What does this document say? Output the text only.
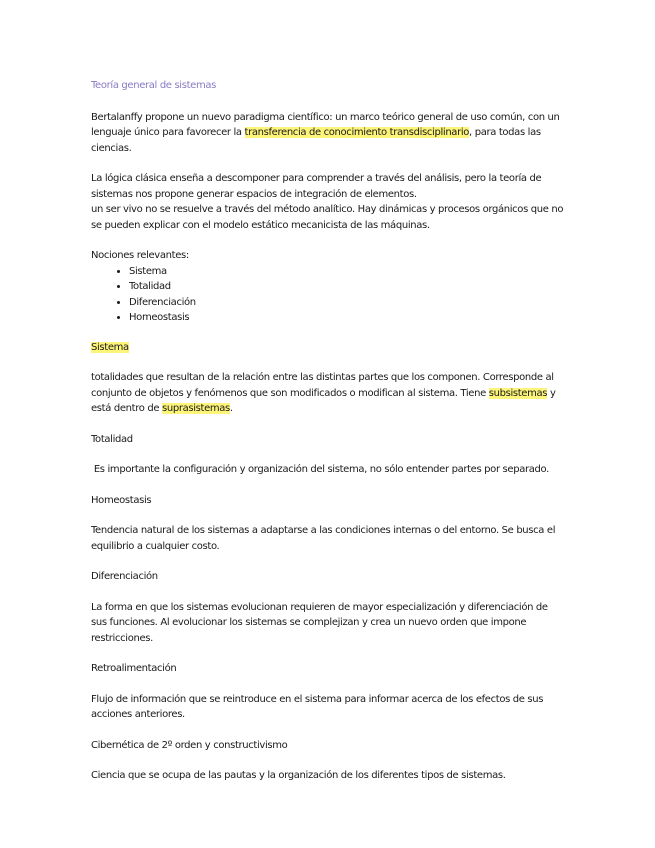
Teoría general de sistemas

Bertalanffy propone un nuevo paradigma científico: un marco teórico general de uso común, con un lenguaje único para favorecer la transferencia de conocimiento transdisciplinario, para todas las ciencias.

La lógica clásica enseña a descomponer para comprender a través del análisis, pero la teoría de sistemas nos propone generar espacios de integración de elementos.
un ser vivo no se resuelve a través del método analítico. Hay dinámicas y procesos orgánicos que no se pueden explicar con el modelo estático mecanicista de las máquinas.

Nociones relevantes:
• Sistema
• Totalidad
• Diferenciación
• Homeostasis
Sistema

totalidades que resultan de la relación entre las distintas partes que los componen. Corresponde al conjunto de objetos y fenómenos que son modificados o modifican al sistema. Tiene subsistemas y está dentro de suprasistemas.

Totalidad

Es importante la configuración y organización del sistema, no sólo entender partes por separado.

Homeostasis

Tendencia natural de los sistemas a adaptarse a las condiciones internas o del entorno. Se busca el equilibrio a cualquier costo.

Diferenciación

La forma en que los sistemas evolucionan requieren de mayor especialización y diferenciación de sus funciones. Al evolucionar los sistemas se complejizan y crea un nuevo orden que impone restricciones.

Retroalimentación

Flujo de información que se reintroduce en el sistema para informar acerca de los efectos de sus acciones anteriores.

Cibernética de 2º orden y constructivismo

Ciencia que se ocupa de las pautas y la organización de los diferentes tipos de sistemas.
